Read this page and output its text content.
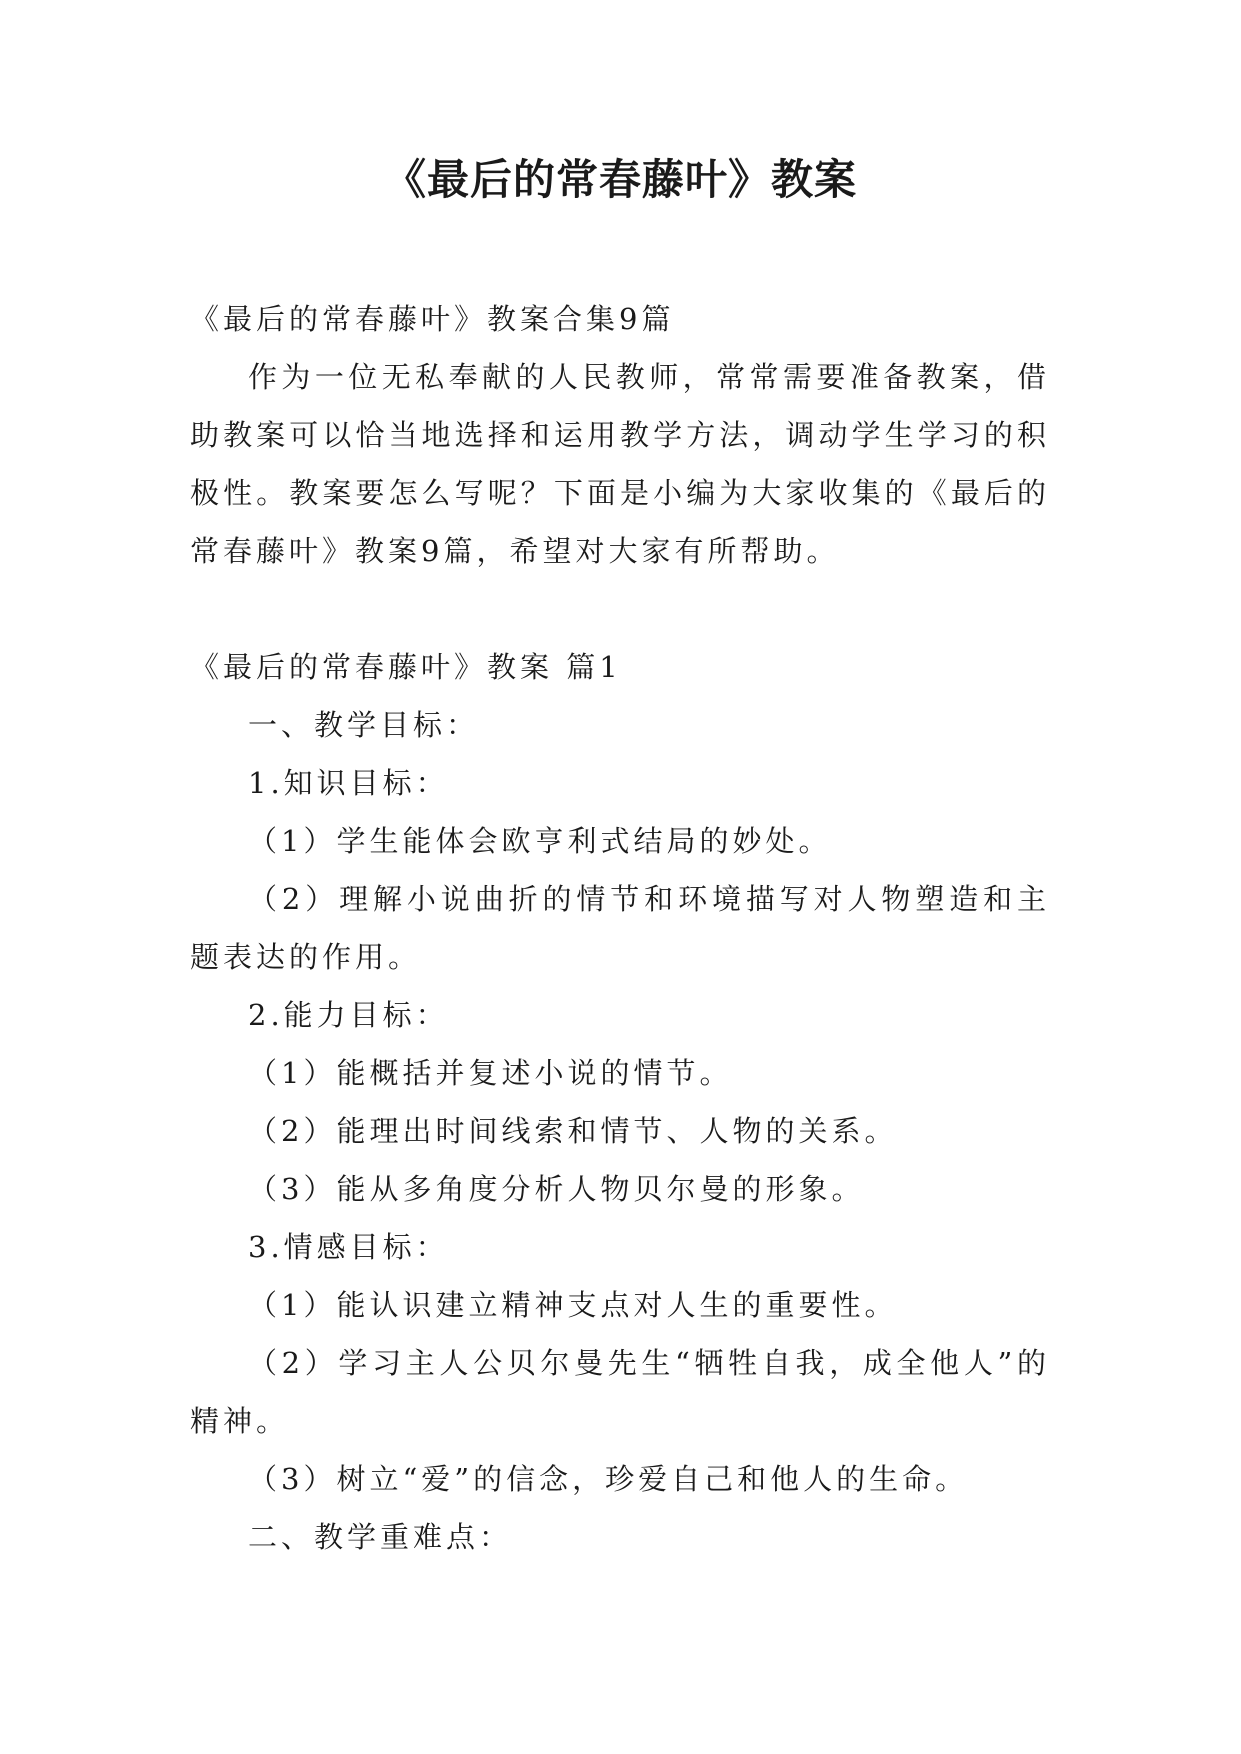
《最后的常春藤叶》教案

《最后的常春藤叶》教案合集9篇

作为一位无私奉献的人民教师，常常需要准备教案，借助教案可以恰当地选择和运用教学方法，调动学生学习的积极性。教案要怎么写呢？下面是小编为大家收集的《最后的常春藤叶》教案9篇，希望对大家有所帮助。

《最后的常春藤叶》教案 篇1

一、教学目标：

1.知识目标：

（1）学生能体会欧亨利式结局的妙处。

（2）理解小说曲折的情节和环境描写对人物塑造和主题表达的作用。

2.能力目标：

（1）能概括并复述小说的情节。

（2）能理出时间线索和情节、人物的关系。

（3）能从多角度分析人物贝尔曼的形象。

3.情感目标：

（1）能认识建立精神支点对人生的重要性。

（2）学习主人公贝尔曼先生“牺牲自我，成全他人”的精神。

（3）树立“爱”的信念，珍爱自己和他人的生命。

二、教学重难点：
